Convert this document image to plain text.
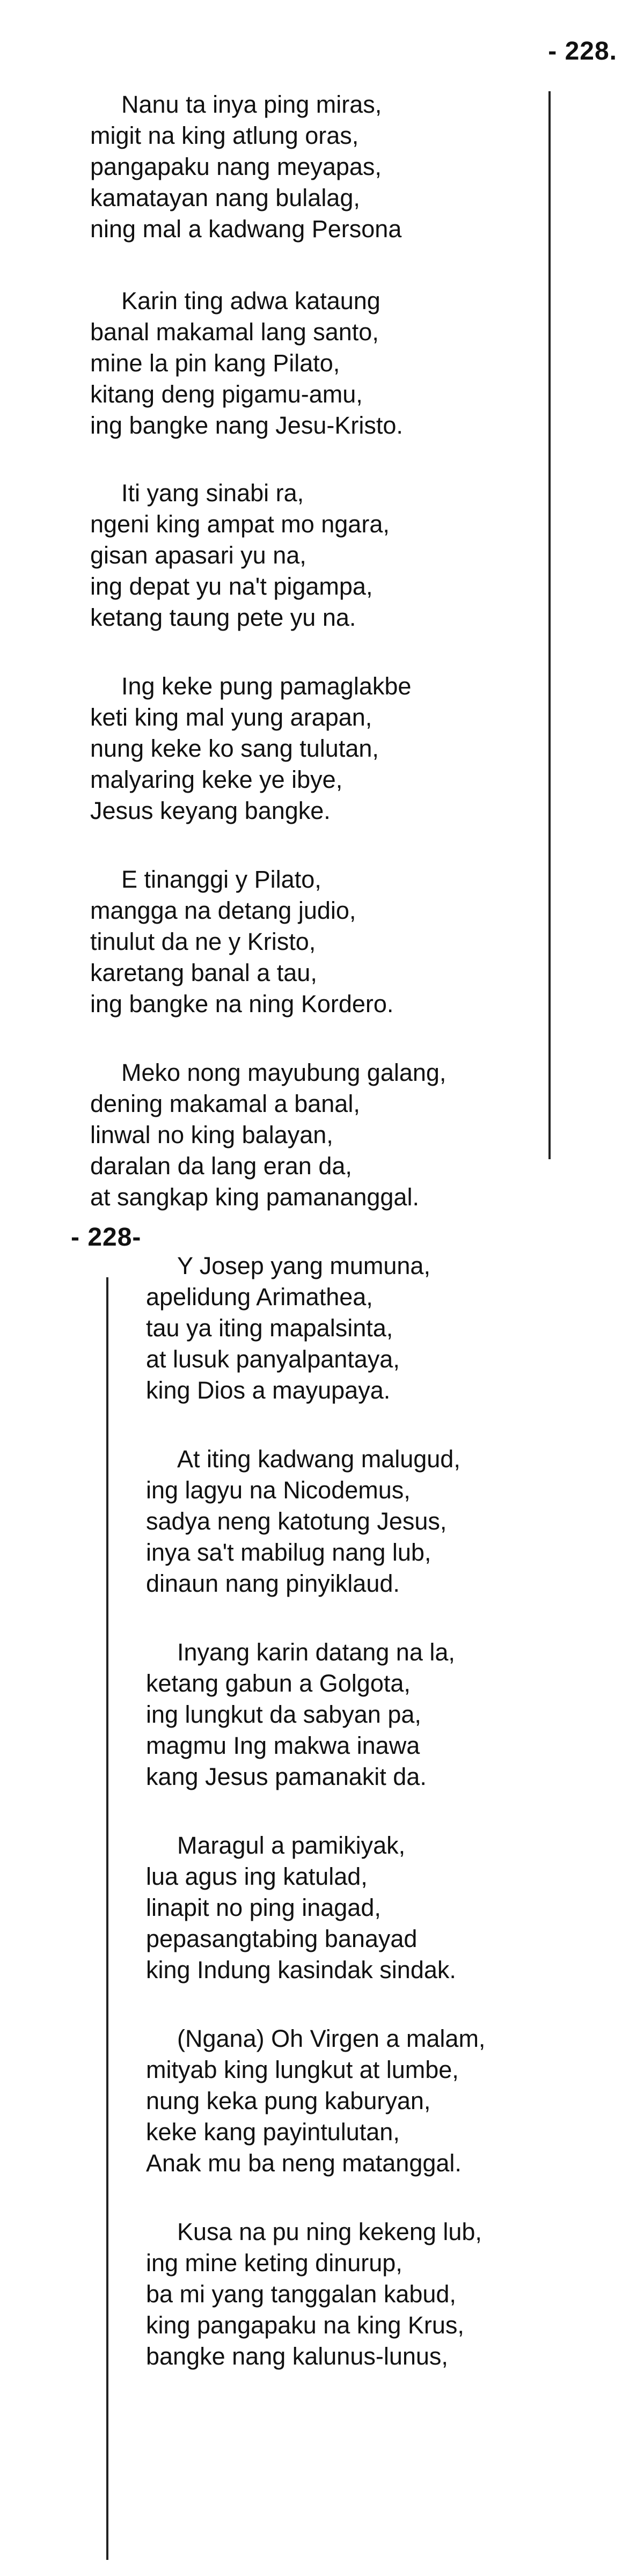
- 228.
Nanu ta inya ping miras,
migit na king atlung oras,
pangapaku nang meyapas,
kamatayan nang bulalag,
ning mal a kadwang Persona
Karin ting adwa kataung
banal makamal lang santo,
mine la pin kang Pilato,
kitang deng pigamu-amu,
ing bangke nang Jesu-Kristo.
Iti yang sinabi ra,
ngeni king ampat mo ngara,
gisan apasari yu na,
ing depat yu na't pigampa,
ketang taung pete yu na.
Ing keke pung pamaglakbe
keti king mal yung arapan,
nung keke ko sang tulutan,
malyaring keke ye ibye,
Jesus keyang bangke.
E tinanggi y Pilato,
mangga na detang judio,
tinulut da ne y Kristo,
karetang banal a tau,
ing bangke na ning Kordero.
Meko nong mayubung galang,
dening makamal a banal,
linwal no king balayan,
daralan da lang eran da,
at sangkap king pamananggal.
- 228-
Y Josep yang mumuna,
apelidung Arimathea,
tau ya iting mapalsinta,
at lusuk panyalpantaya,
king Dios a mayupaya.
At iting kadwang malugud,
ing lagyu na Nicodemus,
sadya neng katotung Jesus,
inya sa't mabilug nang lub,
dinaun nang pinyiklaud.
Inyang karin datang na la,
ketang gabun a Golgota,
ing lungkut da sabyan pa,
magmu Ing makwa inawa
kang Jesus pamanakit da.
Maragul a pamikiyak,
lua agus ing katulad,
linapit no ping inagad,
pepasangtabing banayad
king Indung kasindak sindak.
(Ngana) Oh Virgen a malam,
mityab king lungkut at lumbe,
nung keka pung kaburyan,
keke kang payintulutan,
Anak mu ba neng matanggal.
Kusa na pu ning kekeng lub,
ing mine keting dinurup,
ba mi yang tanggalan kabud,
king pangapaku na king Krus,
bangke nang kalunus-lunus,
